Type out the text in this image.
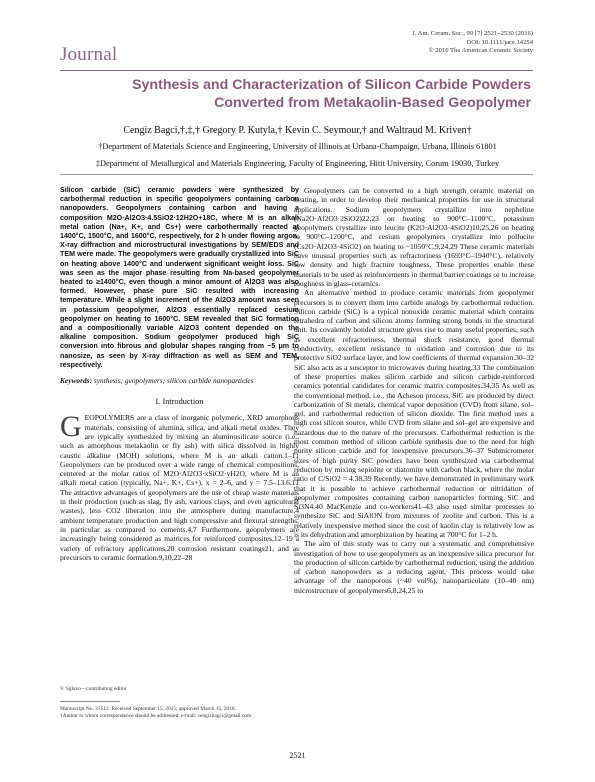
J. Am. Ceram. Soc., 99 [7] 2521–2530 (2016)
DOI: 10.1111/jace.14254
© 2016 The American Ceramic Society
Journal
Synthesis and Characterization of Silicon Carbide Powders Converted from Metakaolin-Based Geopolymer
Cengiz Bagci,†,‡,† Gregory P. Kutyla,† Kevin C. Seymour,† and Waltraud M. Kriven†
†Department of Materials Science and Engineering, University of Illinois at Urbana-Champaign, Urbana, Illinois 61801
‡Department of Metallurgical and Materials Engineering, Faculty of Engineering, Hitit University, Corum 19030, Turkey

Silicon carbide (SiC) ceramic powders were synthesized by carbothermal reduction in specific geopolymers containing carbon nanopowders. Geopolymers containing carbon and having a composition M2O·Al2O3·4.5SiO2·12H2O+18C, where M is an alkali metal cation (Na+, K+, and Cs+) were carbothermally reacted at 1400°C, 1500°C, and 1600°C, respectively, for 2 h under flowing argon. X-ray diffraction and microstructural investigations by SEM/EDS and TEM were made. The geopolymers were gradually crystallized into SiC on heating above 1400°C and underwent significant weight loss. SiC was seen as the major phase resulting from Na-based geopolymer heated to ≥1400°C, even though a minor amount of Al2O3 was also formed. However, phase pure SiC resulted with increasing temperature. While a slight increment of the Al2O3 amount was seen in potassium geopolymer, Al2O3 essentially replaced cesium geopolymer on heating to 1600°C. SEM revealed that SiC formation and a compositionally variable Al2O3 content depended on the alkaline composition. Sodium geopolymer produced high SiC conversion into fibrous and globular shapes ranging from ~5 μm to nanosize, as seen by X-ray diffraction as well as SEM and TEM, respectively.

Keywords: synthesis; geopolymers; silicon carbide nanoparticles

I. Introduction

GEOPOLYMERS are a class of inorganic polymeric, XRD amorphous materials, consisting of alumina, silica, and alkali metal oxides. They are typically synthesized by mixing an aluminosilicate source (i.e., such as amorphous metakaolin or fly ash) with silica dissolved in highly caustic alkaline (MOH) solutions, where M is an alkali cation.1–11 Geopolymers can be produced over a wide range of chemical compositions, centered at the molar ratios of M2O·Al2O3·xSiO2·yH2O, where M is an alkali metal cation (typically, Na+, K+, Cs+), x = 2–6, and y = 7.5–13.6,11 The attractive advantages of geopolymers are the use of cheap waste materials in their production (such as slag, fly ash, various clays, and even agricultural wastes), less CO2 liberation into the atmosphere during manufacture,4 ambient temperature production and high compressive and flexural strengths, in particular as compared to cements.4,7 Furthermore, geopolymers are increasingly being considered as matrices for reinforced composites,12–19 a variety of refractory applications,20 corrosion resistant coatings21, and as precursors to ceramic formation.9,10,22–28

Geopolymers can be converted to a high strength ceramic material on heating, in order to develop their mechanical properties for use in structural applications. Sodium geopolymers crystallize into nepheline (Na2O·Al2O3·2SiO2)22,23 on heating to 900°C–1100°C, potassium geopolymers crystallize into leucite (K2O·Al2O3·4SiO2)10,25,26 on heating to 900°C–1200°C, and cesium geopolymers crystallize into pollucite (Cs2O·Al2O3·4SiO2) on heating to ~1050°C.9,24,29 These ceramic materials have unusual properties such as refractoriness (1693°C–1940°C), relatively low density and high fracture toughness. These properties enable these materials to be used as reinforcements in thermal barrier coatings or to increase toughness in glass-ceramics.

An alternative method to produce ceramic materials from geopolymer precursors is to convert them into carbide analogs by carbothermal reduction. Silicon carbide (SiC) is a typical nonoxide ceramic material which contains tetrahedra of carbon and silicon atoms forming strong bonds in the structural unit. Its covalently bonded structure gives rise to many useful properties, such as excellent refractoriness, thermal shock resistance, good thermal conductivity, excellent resistance to oxidation and corrosion due to its protective SiO2 surface layer, and low coefficients of thermal expansion.30–32 SiC also acts as a susceptor to microwaves during heating.33 The combination of these properties makes silicon carbide and silicon carbide-reinforced ceramics potential candidates for ceramic matrix composites.34,35 As well as the conventional method, i.e., the Acheson process, SiC are produced by direct carbonization of Si metals, chemical vapor deposition (CVD) from silane, sol–gel, and carbothermal reduction of silicon dioxide. The first method uses a high cost silicon source, while CVD from silane and sol–gel are expensive and hazardous due to the nature of the precursors. Carbothermal reduction is the most common method of silicon carbide synthesis due to the need for high purity silicon carbide and for inexpensive precursors.36–37 Submicrometer sizes of high purity SiC powders have been synthesized via carbothermal reduction by mixing sepiolite or diatomite with carbon black, where the molar ratio of C/SiO2 = 4.38,39 Recently, we have demonstrated in preliminary work that it is possible to achieve carbothermal reduction or nitridation of geopolymer composites containing carbon nanoparticles forming SiC and Si3N4.40 MacKenzie and co-workers41–43 also used similar processes to synthesize SiC and SiAlON from mixtures of zeolite and carbon. This is a relatively inexpensive method since the cost of kaolin clay is relatively low as is its dehydration and amorphization by heating at 700°C for 1–2 h.

The aim of this study was to carry out a systematic and comprehensive investigation of how to use geopolymers as an inexpensive silica precursor for the production of silicon carbide by carbothermal reduction, using the addition of carbon nanopowders as a reducing agent. This process would take advantage of the nanoporous (~40 vol%), nanoparticulate (10–40 nm) microstructure of geopolymers6,8,24,25 to

V. Sglavo—contributing editor
Manuscript No. 37512. Received September 15, 2015; approved March 15, 2016.
†Author to whom correspondence should be addressed. e-mail: cengizbagci@gmail.com
2521
